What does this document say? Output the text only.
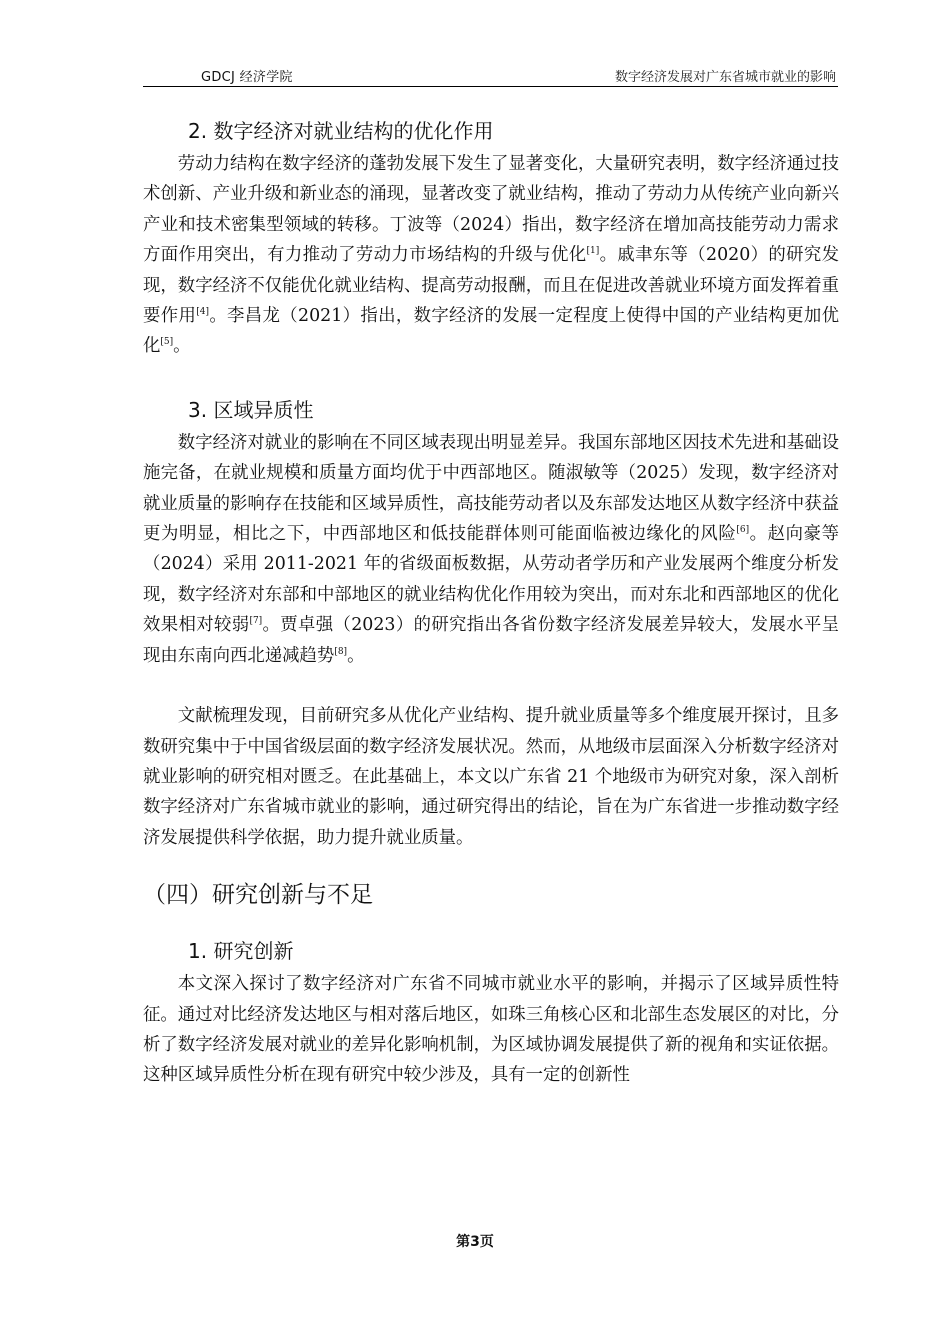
GDCJ 经济学院	数字经济发展对广东省城市就业的影响
2. 数字经济对就业结构的优化作用

劳动力结构在数字经济的蓬勃发展下发生了显著变化，大量研究表明，数字经济通过技术创新、产业升级和新业态的涌现，显著改变了就业结构，推动了劳动力从传统产业向新兴产业和技术密集型领域的转移。丁波等（2024）指出，数字经济在增加高技能劳动力需求方面作用突出，有力推动了劳动力市场结构的升级与优化[1]。戚聿东等（2020）的研究发现，数字经济不仅能优化就业结构、提高劳动报酬，而且在促进改善就业环境方面发挥着重要作用[4]。李昌龙（2021）指出，数字经济的发展一定程度上使得中国的产业结构更加优化[5]。

3. 区域异质性

数字经济对就业的影响在不同区域表现出明显差异。我国东部地区因技术先进和基础设施完备，在就业规模和质量方面均优于中西部地区。随淑敏等（2025）发现，数字经济对就业质量的影响存在技能和区域异质性，高技能劳动者以及东部发达地区从数字经济中获益更为明显，相比之下，中西部地区和低技能群体则可能面临被边缘化的风险[6]。赵向豪等（2024）采用 2011-2021 年的省级面板数据，从劳动者学历和产业发展两个维度分析发现，数字经济对东部和中部地区的就业结构优化作用较为突出，而对东北和西部地区的优化效果相对较弱[7]。贾卓强（2023）的研究指出各省份数字经济发展差异较大，发展水平呈现由东南向西北递减趋势[8]。

文献梳理发现，目前研究多从优化产业结构、提升就业质量等多个维度展开探讨，且多数研究集中于中国省级层面的数字经济发展状况。然而，从地级市层面深入分析数字经济对就业影响的研究相对匮乏。在此基础上，本文以广东省 21 个地级市为研究对象，深入剖析数字经济对广东省城市就业的影响，通过研究得出的结论，旨在为广东省进一步推动数字经济发展提供科学依据，助力提升就业质量。

（四）研究创新与不足
1. 研究创新

本文深入探讨了数字经济对广东省不同城市就业水平的影响，并揭示了区域异质性特征。通过对比经济发达地区与相对落后地区，如珠三角核心区和北部生态发展区的对比，分析了数字经济发展对就业的差异化影响机制，为区域协调发展提供了新的视角和实证依据。这种区域异质性分析在现有研究中较少涉及，具有一定的创新性

第3页
